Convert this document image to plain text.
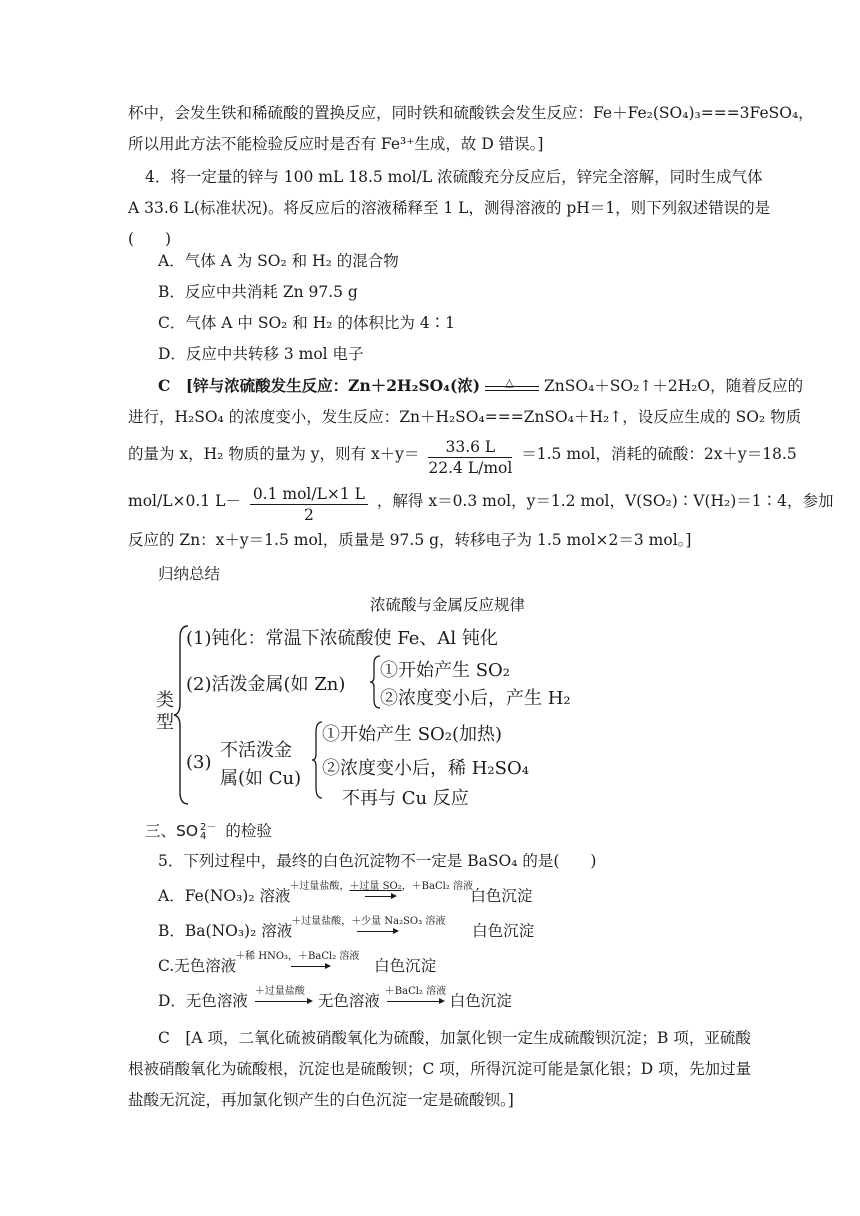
杯中，会发生铁和稀硫酸的置换反应，同时铁和硫酸铁会发生反应：Fe＋Fe₂(SO₄)₃===3FeSO₄，
所以用此方法不能检验反应时是否有 Fe³⁺生成，故 D 错误。]
4．将一定量的锌与 100 mL 18.5 mol/L 浓硫酸充分反应后，锌完全溶解，同时生成气体
A 33.6 L(标准状况)。将反应后的溶液稀释至 1 L，测得溶液的 pH＝1，则下列叙述错误的是
(　　)
A．气体 A 为 SO₂ 和 H₂ 的混合物
B．反应中共消耗 Zn 97.5 g
C．气体 A 中 SO₂ 和 H₂ 的体积比为 4∶1
D．反应中共转移 3 mol 电子
C　[锌与浓硫酸发生反应：Zn＋2H₂SO₄(浓) △ ZnSO₄＋SO₂↑＋2H₂O，随着反应的
进行，H₂SO₄ 的浓度变小，发生反应：Zn＋H₂SO₄===ZnSO₄＋H₂↑，设反应生成的 SO₂ 物质
的量为 x，H₂ 物质的量为 y，则有 $x+y= \frac{33.6 L}{\text{22.4 L/mol}} =1.5$ mol，消耗的硫酸：2x＋y＝18.5
mol/L×0.1 $L- \frac{\text{0.1 mol/L×1 L}}{2}$ ，解得 x＝0.3 mol，y＝1.2 mol，V(SO₂)∶V(H₂)＝1∶4，参加
反应的 Zn：x＋y＝1.5 mol，质量是 97.5 g，转移电子为 1.5 mol×2＝3 mol。]
归纳总结
浓硫酸与金属反应规律
类型
(1)钝化：常温下浓硫酸使 Fe、Al 钝化
(2)活泼金属(如 Zn)
①开始产生 SO₂
②浓度变小后，产生 H₂
(3)
不活泼金
属(如 Cu)
①开始产生 SO₂(加热)
②浓度变小后，稀 H₂SO₄
不再与 Cu 反应
三、SO 2－
4	的检验
5．下列过程中，最终的白色沉淀物不一定是 BaSO₄ 的是(　　)
A．Fe(NO₃)₂ 溶液
＋过量盐酸，＋过量 SO₂，＋BaCl₂ 溶液
白色沉淀
B．Ba(NO₃)₂ 溶液
＋过量盐酸，＋少量 Na₂SO₃ 溶液
白色沉淀
C.无色溶液
＋稀 HNO₃，＋BaCl₂ 溶液
白色沉淀
D．无色溶液
＋过量盐酸
无色溶液
＋BaCl₂ 溶液
白色沉淀
C　[A 项，二氧化硫被硝酸氧化为硫酸，加氯化钡一定生成硫酸钡沉淀；B 项，亚硫酸
根被硝酸氧化为硫酸根，沉淀也是硫酸钡；C 项，所得沉淀可能是氯化银；D 项，先加过量
盐酸无沉淀，再加氯化钡产生的白色沉淀一定是硫酸钡。]
